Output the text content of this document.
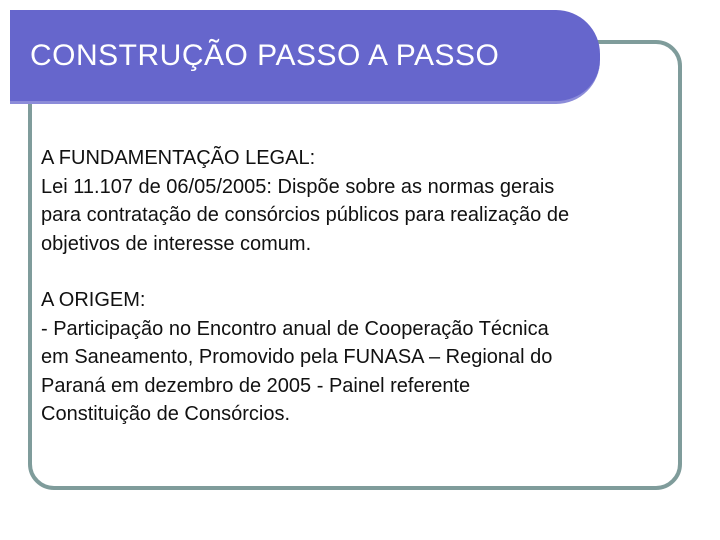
CONSTRUÇÃO PASSO A PASSO

A FUNDAMENTAÇÃO LEGAL:
Lei 11.107 de 06/05/2005: Dispõe sobre as normas gerais
para contratação de consórcios públicos para realização de
objetivos de interesse comum.

A ORIGEM:
- Participação no Encontro anual de Cooperação Técnica
em Saneamento, Promovido pela FUNASA – Regional do
Paraná em dezembro de 2005 - Painel referente
Constituição de Consórcios.
